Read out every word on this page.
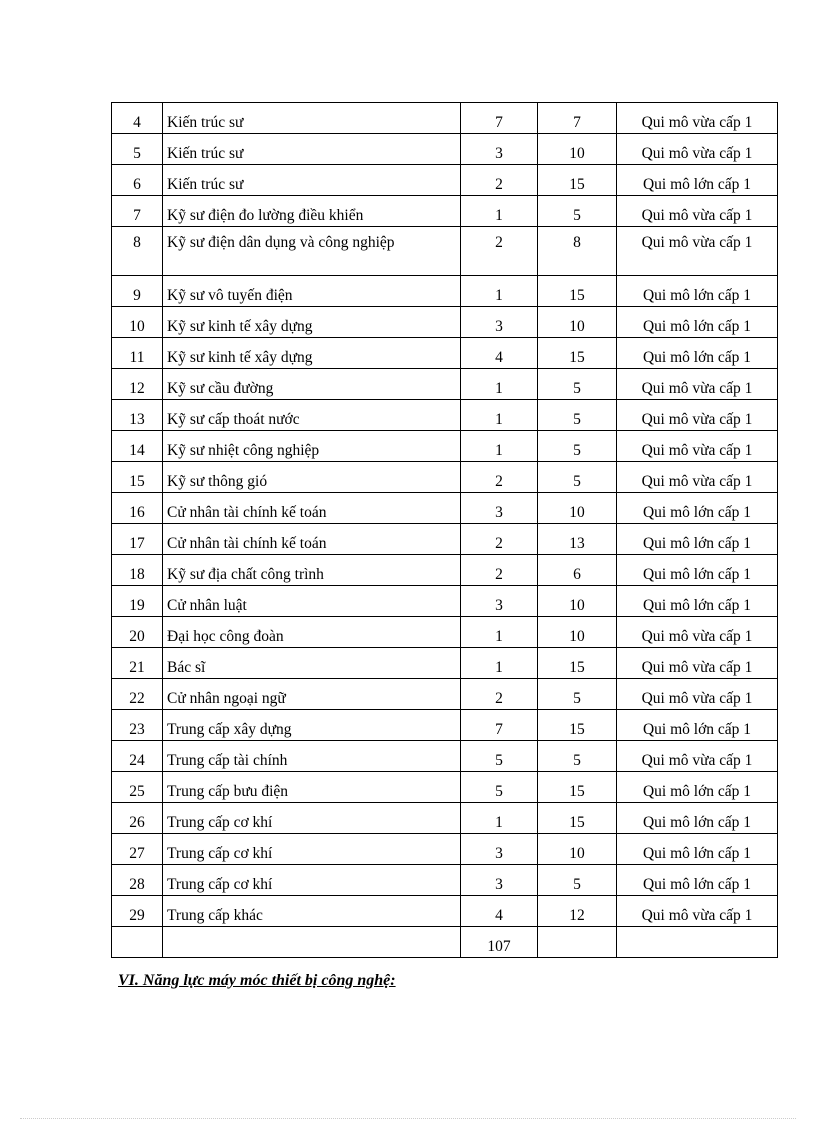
4	Kiến trúc sư	7	7	Qui mô vừa cấp 1
5	Kiến trúc sư	3	10	Qui mô vừa cấp 1
6	Kiến trúc sư	2	15	Qui mô lớn cấp 1
7	Kỹ sư điện đo lường điều khiển	1	5	Qui mô vừa cấp 1
8	Kỹ sư điện dân dụng và công nghiệp	2	8	Qui mô vừa cấp 1
9	Kỹ sư vô tuyến điện	1	15	Qui mô lớn cấp 1
10	Kỹ sư kinh tế xây dựng	3	10	Qui mô lớn cấp 1
11	Kỹ sư kinh tế xây dựng	4	15	Qui mô lớn cấp 1
12	Kỹ sư cầu đường	1	5	Qui mô vừa cấp 1
13	Kỹ sư cấp thoát nước	1	5	Qui mô vừa cấp 1
14	Kỹ sư nhiệt công nghiệp	1	5	Qui mô vừa cấp 1
15	Kỹ sư thông gió	2	5	Qui mô vừa cấp 1
16	Cử nhân tài chính kế toán	3	10	Qui mô lớn cấp 1
17	Cử nhân tài chính kế toán	2	13	Qui mô lớn cấp 1
18	Kỹ sư địa chất công trình	2	6	Qui mô lớn cấp 1
19	Cử nhân luật	3	10	Qui mô lớn cấp 1
20	Đại học công đoàn	1	10	Qui mô vừa cấp 1
21	Bác sĩ	1	15	Qui mô vừa cấp 1
22	Cử nhân ngoại ngữ	2	5	Qui mô vừa cấp 1
23	Trung cấp xây dựng	7	15	Qui mô lớn cấp 1
24	Trung cấp tài chính	5	5	Qui mô vừa cấp 1
25	Trung cấp bưu điện	5	15	Qui mô lớn cấp 1
26	Trung cấp cơ khí	1	15	Qui mô lớn cấp 1
27	Trung cấp cơ khí	3	10	Qui mô lớn cấp 1
28	Trung cấp cơ khí	3	5	Qui mô lớn cấp 1
29	Trung cấp khác	4	12	Qui mô vừa cấp 1
		107		
VI. Năng lực máy móc thiết bị công nghệ:
